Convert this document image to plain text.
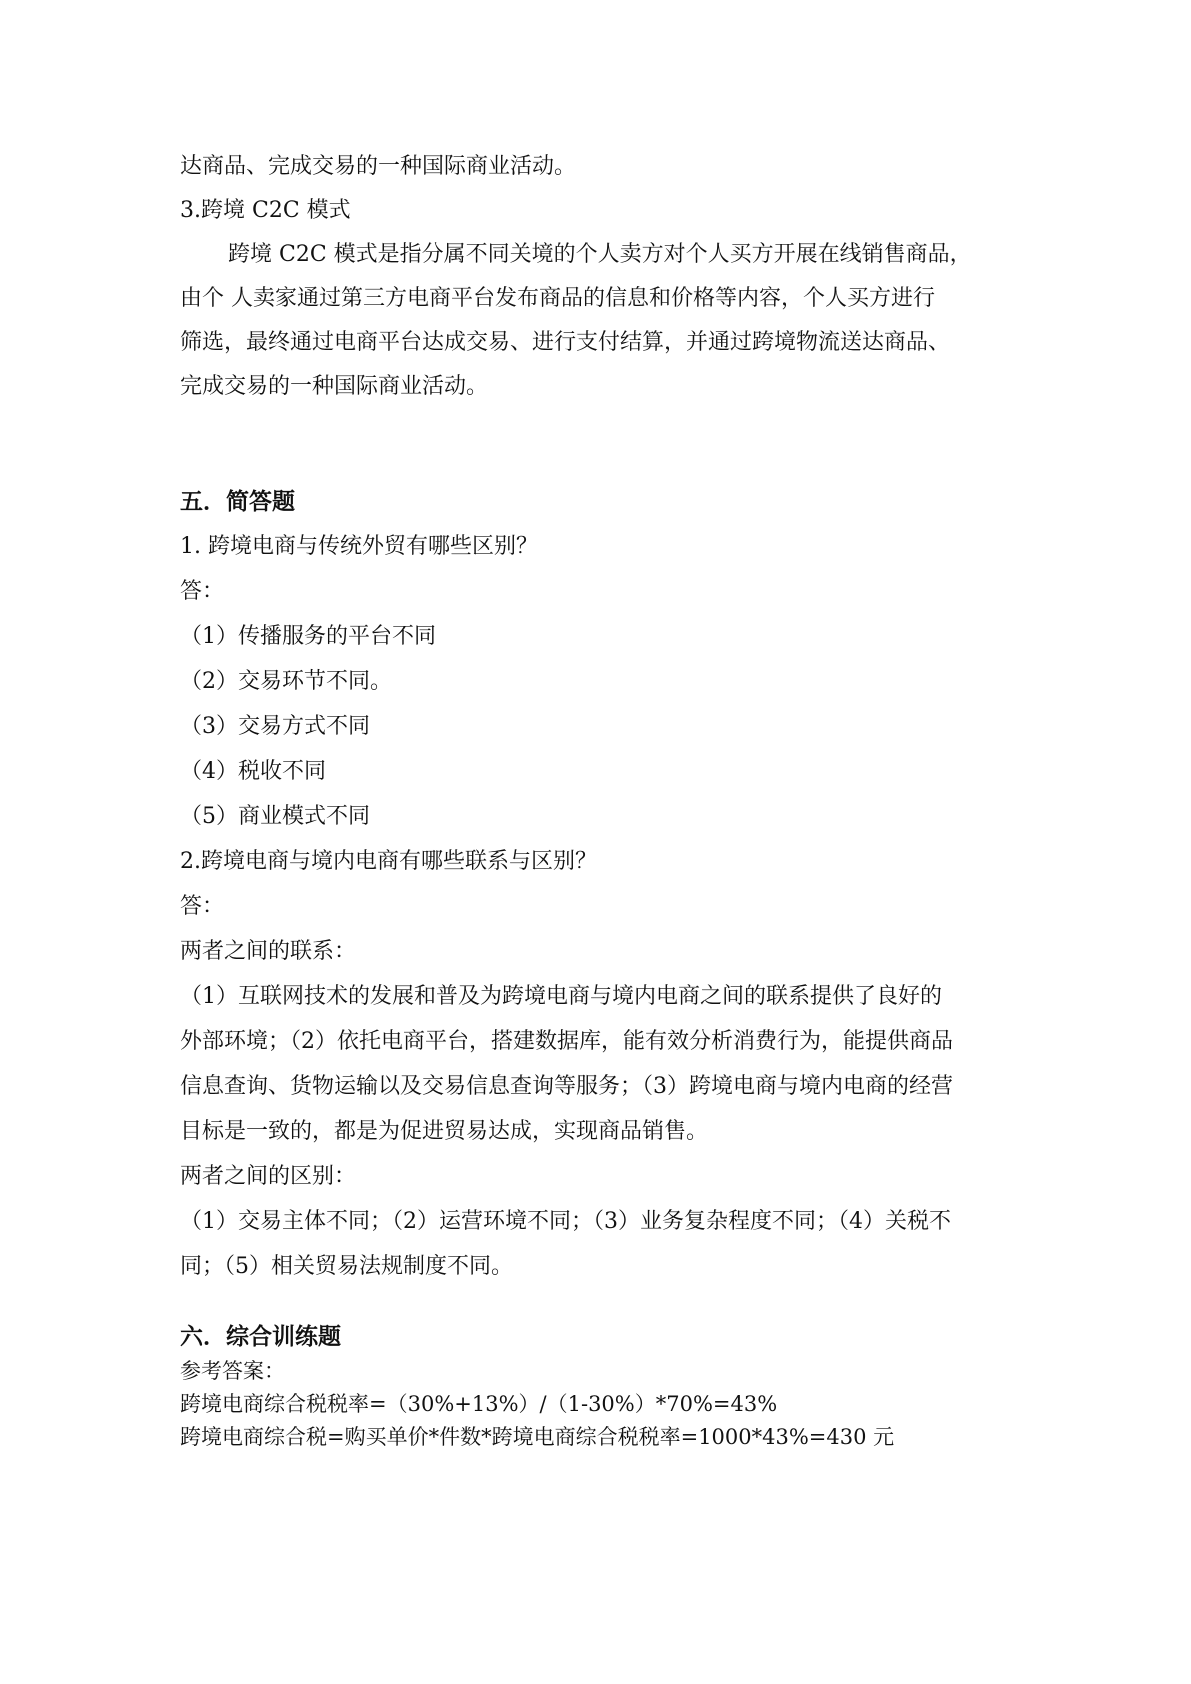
达商品、完成交易的一种国际商业活动。

3.跨境 C2C 模式

跨境 C2C 模式是指分属不同关境的个人卖方对个人买方开展在线销售商品，

由个 人卖家通过第三方电商平台发布商品的信息和价格等内容，个人买方进行

筛选，最终通过电商平台达成交易、进行支付结算，并通过跨境物流送达商品、

完成交易的一种国际商业活动。

五．简答题

1. 跨境电商与传统外贸有哪些区别？

答：

（1）传播服务的平台不同

（2）交易环节不同。

（3）交易方式不同

（4）税收不同

（5）商业模式不同

2.跨境电商与境内电商有哪些联系与区别？

答：

两者之间的联系：

（1）互联网技术的发展和普及为跨境电商与境内电商之间的联系提供了良好的

外部环境；（2）依托电商平台，搭建数据库，能有效分析消费行为，能提供商品

信息查询、货物运输以及交易信息查询等服务；（3）跨境电商与境内电商的经营

目标是一致的，都是为促进贸易达成，实现商品销售。

两者之间的区别：

（1）交易主体不同；（2）运营环境不同；（3）业务复杂程度不同；（4）关税不

同；（5）相关贸易法规制度不同。

六．综合训练题

参考答案：

跨境电商综合税税率=（30%+13%）/（1-30%）*70%=43%

跨境电商综合税=购买单价*件数*跨境电商综合税税率=1000*43%=430 元
